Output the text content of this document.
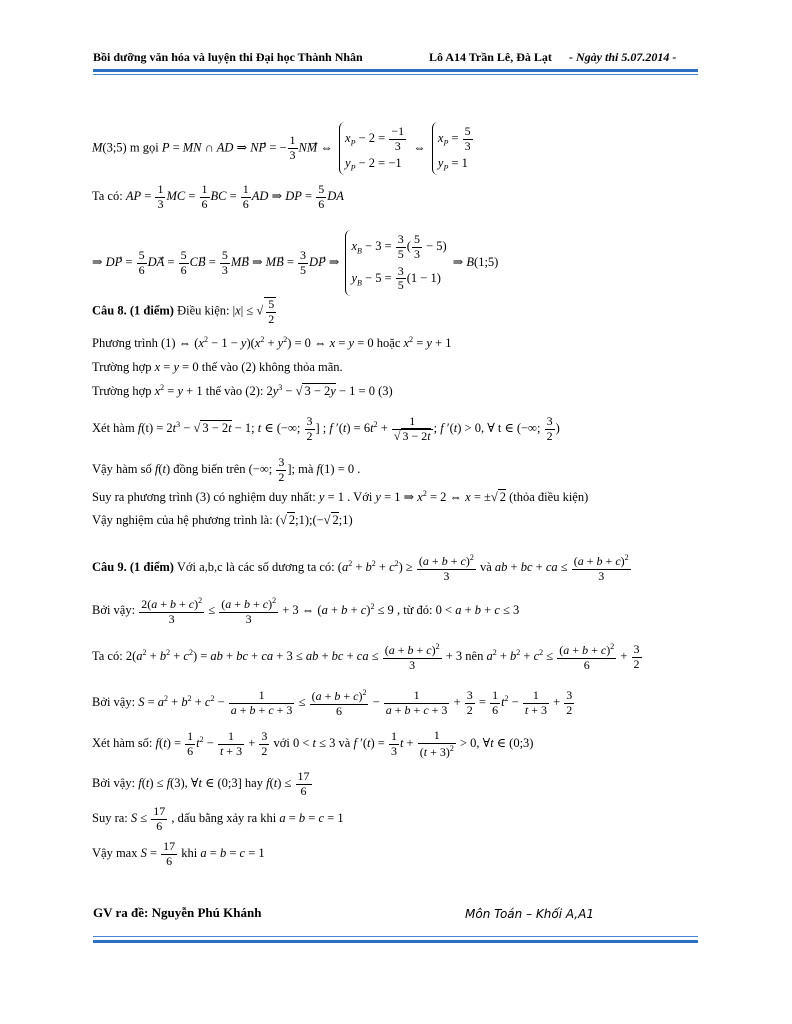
Bồi dưỡng văn hóa và luyện thi Đại học Thành Nhân	Lô A14 Trần Lê, Đà Lạt - Ngày thi 5.07.2014 -
M(3;5) m gọi P = MN ∩ AD ⇒ NP⃗ = − $\frac{1}{3}$ NM⃗ ⇔
$x_P - 2 = \frac{-1}{3}$
$y_P - 2 = -1$
⇔
$x_P = \frac{5}{3}$
$y_P = 1$
Ta có: AP = $\frac{1}{3}$ MC = $\frac{1}{6}$ BC = $\frac{1}{6}$ AD ⇒ DP = $\frac{5}{6}$ DA
⇒ DP⃗ = $\frac{5}{6}$ DA⃗ = $\frac{5}{6}$ CB⃗ = $\frac{5}{3}$ MB⃗ ⇒ MB⃗ = $\frac{3}{5}$ DP⃗ ⇒
$x_B - 3 = \frac{3}{5}$ ( $\frac{5}{3} - 5$)
$y_B - 5 = \frac{3}{5} (1 - 1)$
⇒ B(1;5)
Câu 8. (1 điểm) Điều kiện: |x| ≤ √ $\frac{5}{2}$
Phương trình (1) ⇔ $(x^2 - 1 - y)(x^2 + y^2) = 0$ ⇔ x = y = 0 hoặc $x^2 = y + 1$
Trường hợp x = y = 0 thế vào (2) không thỏa mãn.
Trường hợp $x^2 = y + 1$ thế vào (2): $2y^3$ − √ 3 − 2y − 1 = 0 (3)
Xét hàm $f(t) = 2t^3$ − √ 3 − 2t − 1; t ∈ (−∞; $\frac{3}{2}$ ] ; f $'(t) = 6t^2 + \frac{1}{√ 3 - 2t}$ ; f ′(t) > 0, ∀ t ∈ (−∞; $\frac{3}{2}$ )
Vậy hàm số f(t) đồng biến trên (−∞; $\frac{3}{2}$ ]; mà f(1) = 0 .
Suy ra phương trình (3) có nghiệm duy nhất: y = 1 . Với y = 1 ⇒ $x^2 = 2$ ⇔ x = ±√ 2 (thỏa điều kiện)
Vậy nghiệm của hệ phương trình là: (√ 2;1);(−√ 2;1)
Câu 9. (1 điểm) Với a,b,c là các số dương ta có: $(a^2 + b^2 + c^2) \ge \frac{(a + b + c)^2}{3}$ và ab + bc + ca ≤ $\frac{(a + b + c)^2}{3}$
Bởi vậy: $\frac{2(a + b + c)^2}{3} \le \frac{(a + b + c)^2}{3} + 3$ ⇔ $(a + b + c)^2 \le 9$ , từ đó: 0 < a + b + c ≤ 3
Ta có: $2(a^2 + b^2 + c^2)$ = ab + bc + ca + 3 ≤ ab + bc + ca ≤ $\frac{(a + b + c)^2}{3} + 3$ nên $a^2 + b^2 + c^2 \le \frac{(a + b + c)^2}{6} + \frac{3}{2}$
Bởi vậy: $S = a^2 + b^2 + c^2 - \frac{1}{a + b + c + 3} \le \frac{(a + b + c)^2}{6} - \frac{1}{a + b + c + 3} + \frac{3}{2} = \frac{1}{6} t^2 - \frac{1}{t + 3} + \frac{3}{2}$
Xét hàm số: $f(t) = \frac{1}{6} t^2 - \frac{1}{t + 3} + \frac{3}{2}$ với 0 < t ≤ 3 và f $'(t) = \frac{1}{3}$ $t + \frac{1}{(t + 3)^2} > 0$, ∀t ∈ (0;3)
Bởi vậy: f(t) ≤ f(3), ∀t ∈ (0;3] hay $f(t) \le \frac{17}{6}$
Suy ra: $S \le \frac{17}{6}$ , dấu bằng xảy ra khi a = b = c = 1
Vậy $\max S = \frac{17}{6}$ khi a = b = c = 1
GV ra đề: Nguyễn Phú Khánh	Môn Toán – Khối A,A1
